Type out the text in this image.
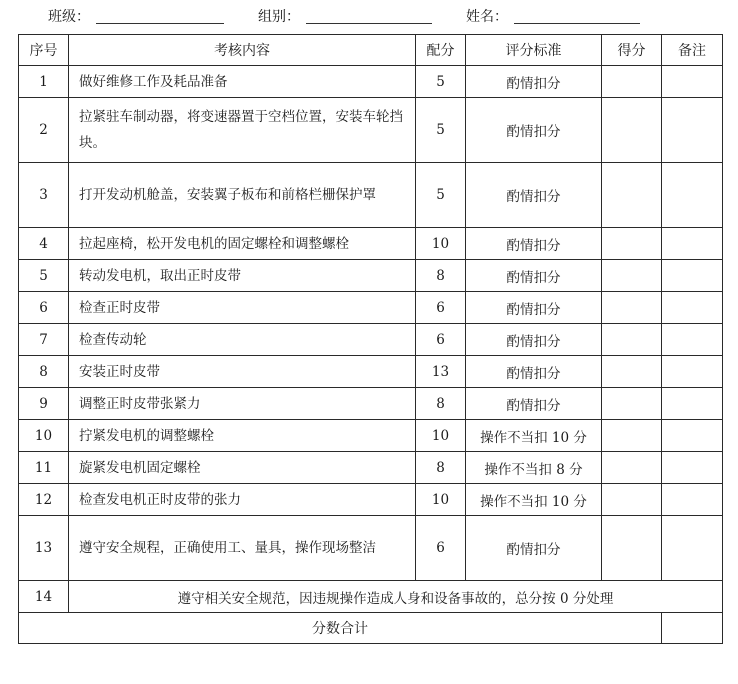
班级：	组别：	姓名：
序号	考核内容	配分	评分标准	得分	备注
1	做好维修工作及耗品准备	5	酌情扣分		
2	拉紧驻车制动器，将变速器置于空档位置，安装车轮挡块。	5	酌情扣分		
3	打开发动机舱盖，安装翼子板布和前格栏栅保护罩	5	酌情扣分		
4	拉起座椅，松开发电机的固定螺栓和调整螺栓	10	酌情扣分		
5	转动发电机，取出正时皮带	8	酌情扣分		
6	检查正时皮带	6	酌情扣分		
7	检查传动轮	6	酌情扣分		
8	安装正时皮带	13	酌情扣分		
9	调整正时皮带张紧力	8	酌情扣分		
10	拧紧发电机的调整螺栓	10	操作不当扣 10 分		
11	旋紧发电机固定螺栓	8	操作不当扣 8 分		
12	检查发电机正时皮带的张力	10	操作不当扣 10 分		
13	遵守安全规程，正确使用工、量具，操作现场整洁	6	酌情扣分		
14	遵守相关安全规范，因违规操作造成人身和设备事故的，总分按 0 分处理				
分数合计					
